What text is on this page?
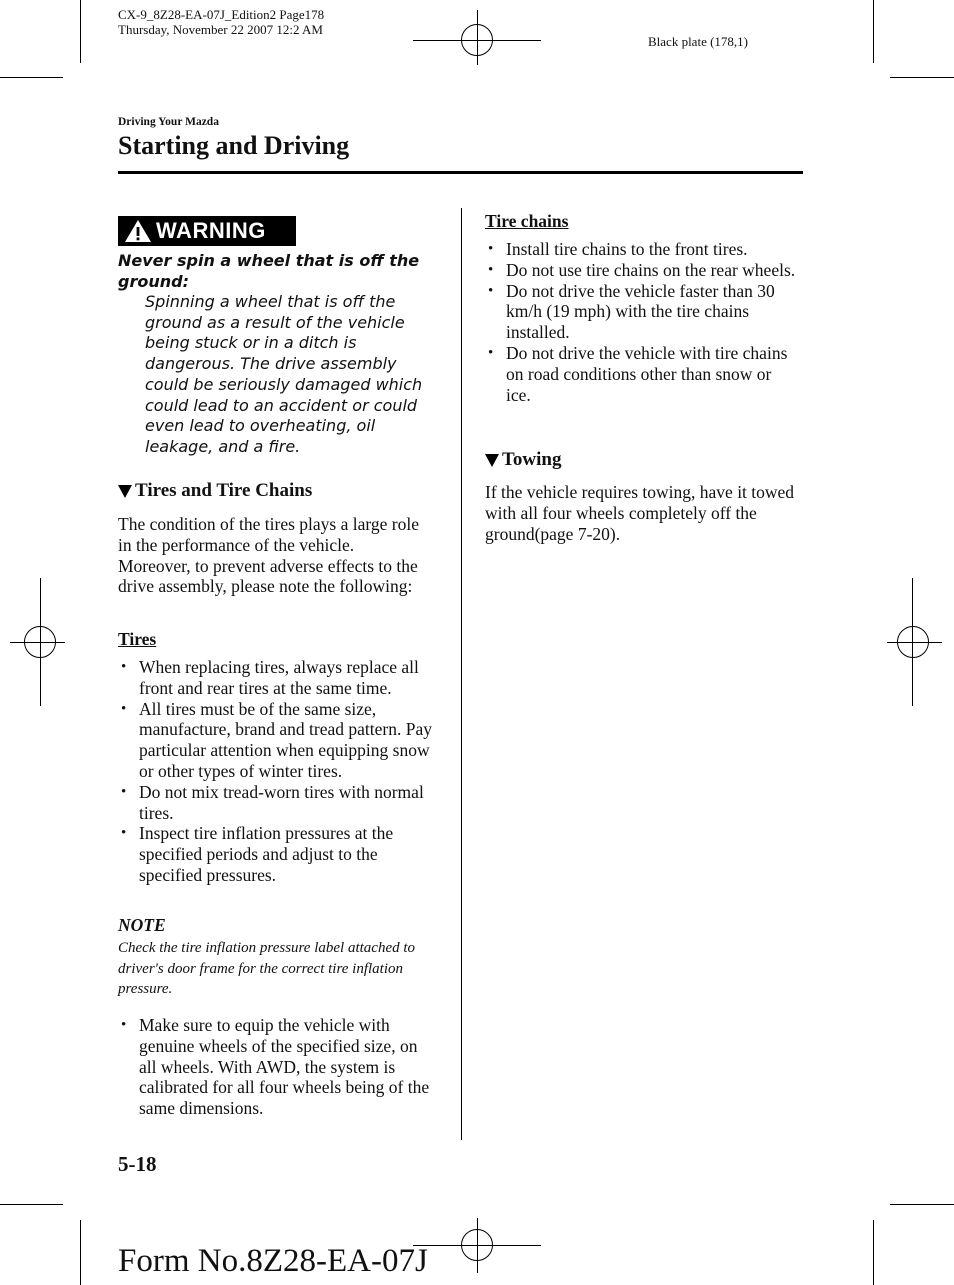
CX-9_8Z28-EA-07J_Edition2 Page178
Thursday, November 22 2007 12:2 AM
Black plate (178,1)
Driving Your Mazda
Starting and Driving
WARNING
Never spin a wheel that is off the ground:
Spinning a wheel that is off the ground as a result of the vehicle being stuck or in a ditch is dangerous. The drive assembly could be seriously damaged which could lead to an accident or could even lead to overheating, oil leakage, and a fire.
Tires and Tire Chains
The condition of the tires plays a large role in the performance of the vehicle. Moreover, to prevent adverse effects to the drive assembly, please note the following:
Tires
• When replacing tires, always replace all front and rear tires at the same time.
• All tires must be of the same size, manufacture, brand and tread pattern. Pay particular attention when equipping snow or other types of winter tires.
• Do not mix tread-worn tires with normal tires.
• Inspect tire inflation pressures at the specified periods and adjust to the specified pressures.
NOTE
Check the tire inflation pressure label attached to driver's door frame for the correct tire inflation pressure.
• Make sure to equip the vehicle with genuine wheels of the specified size, on all wheels. With AWD, the system is calibrated for all four wheels being of the same dimensions.
Tire chains
• Install tire chains to the front tires.
• Do not use tire chains on the rear wheels.
• Do not drive the vehicle faster than 30 km/h (19 mph) with the tire chains installed.
• Do not drive the vehicle with tire chains on road conditions other than snow or ice.
Towing
If the vehicle requires towing, have it towed with all four wheels completely off the ground(page 7-20).
5-18
Form No.8Z28-EA-07J
